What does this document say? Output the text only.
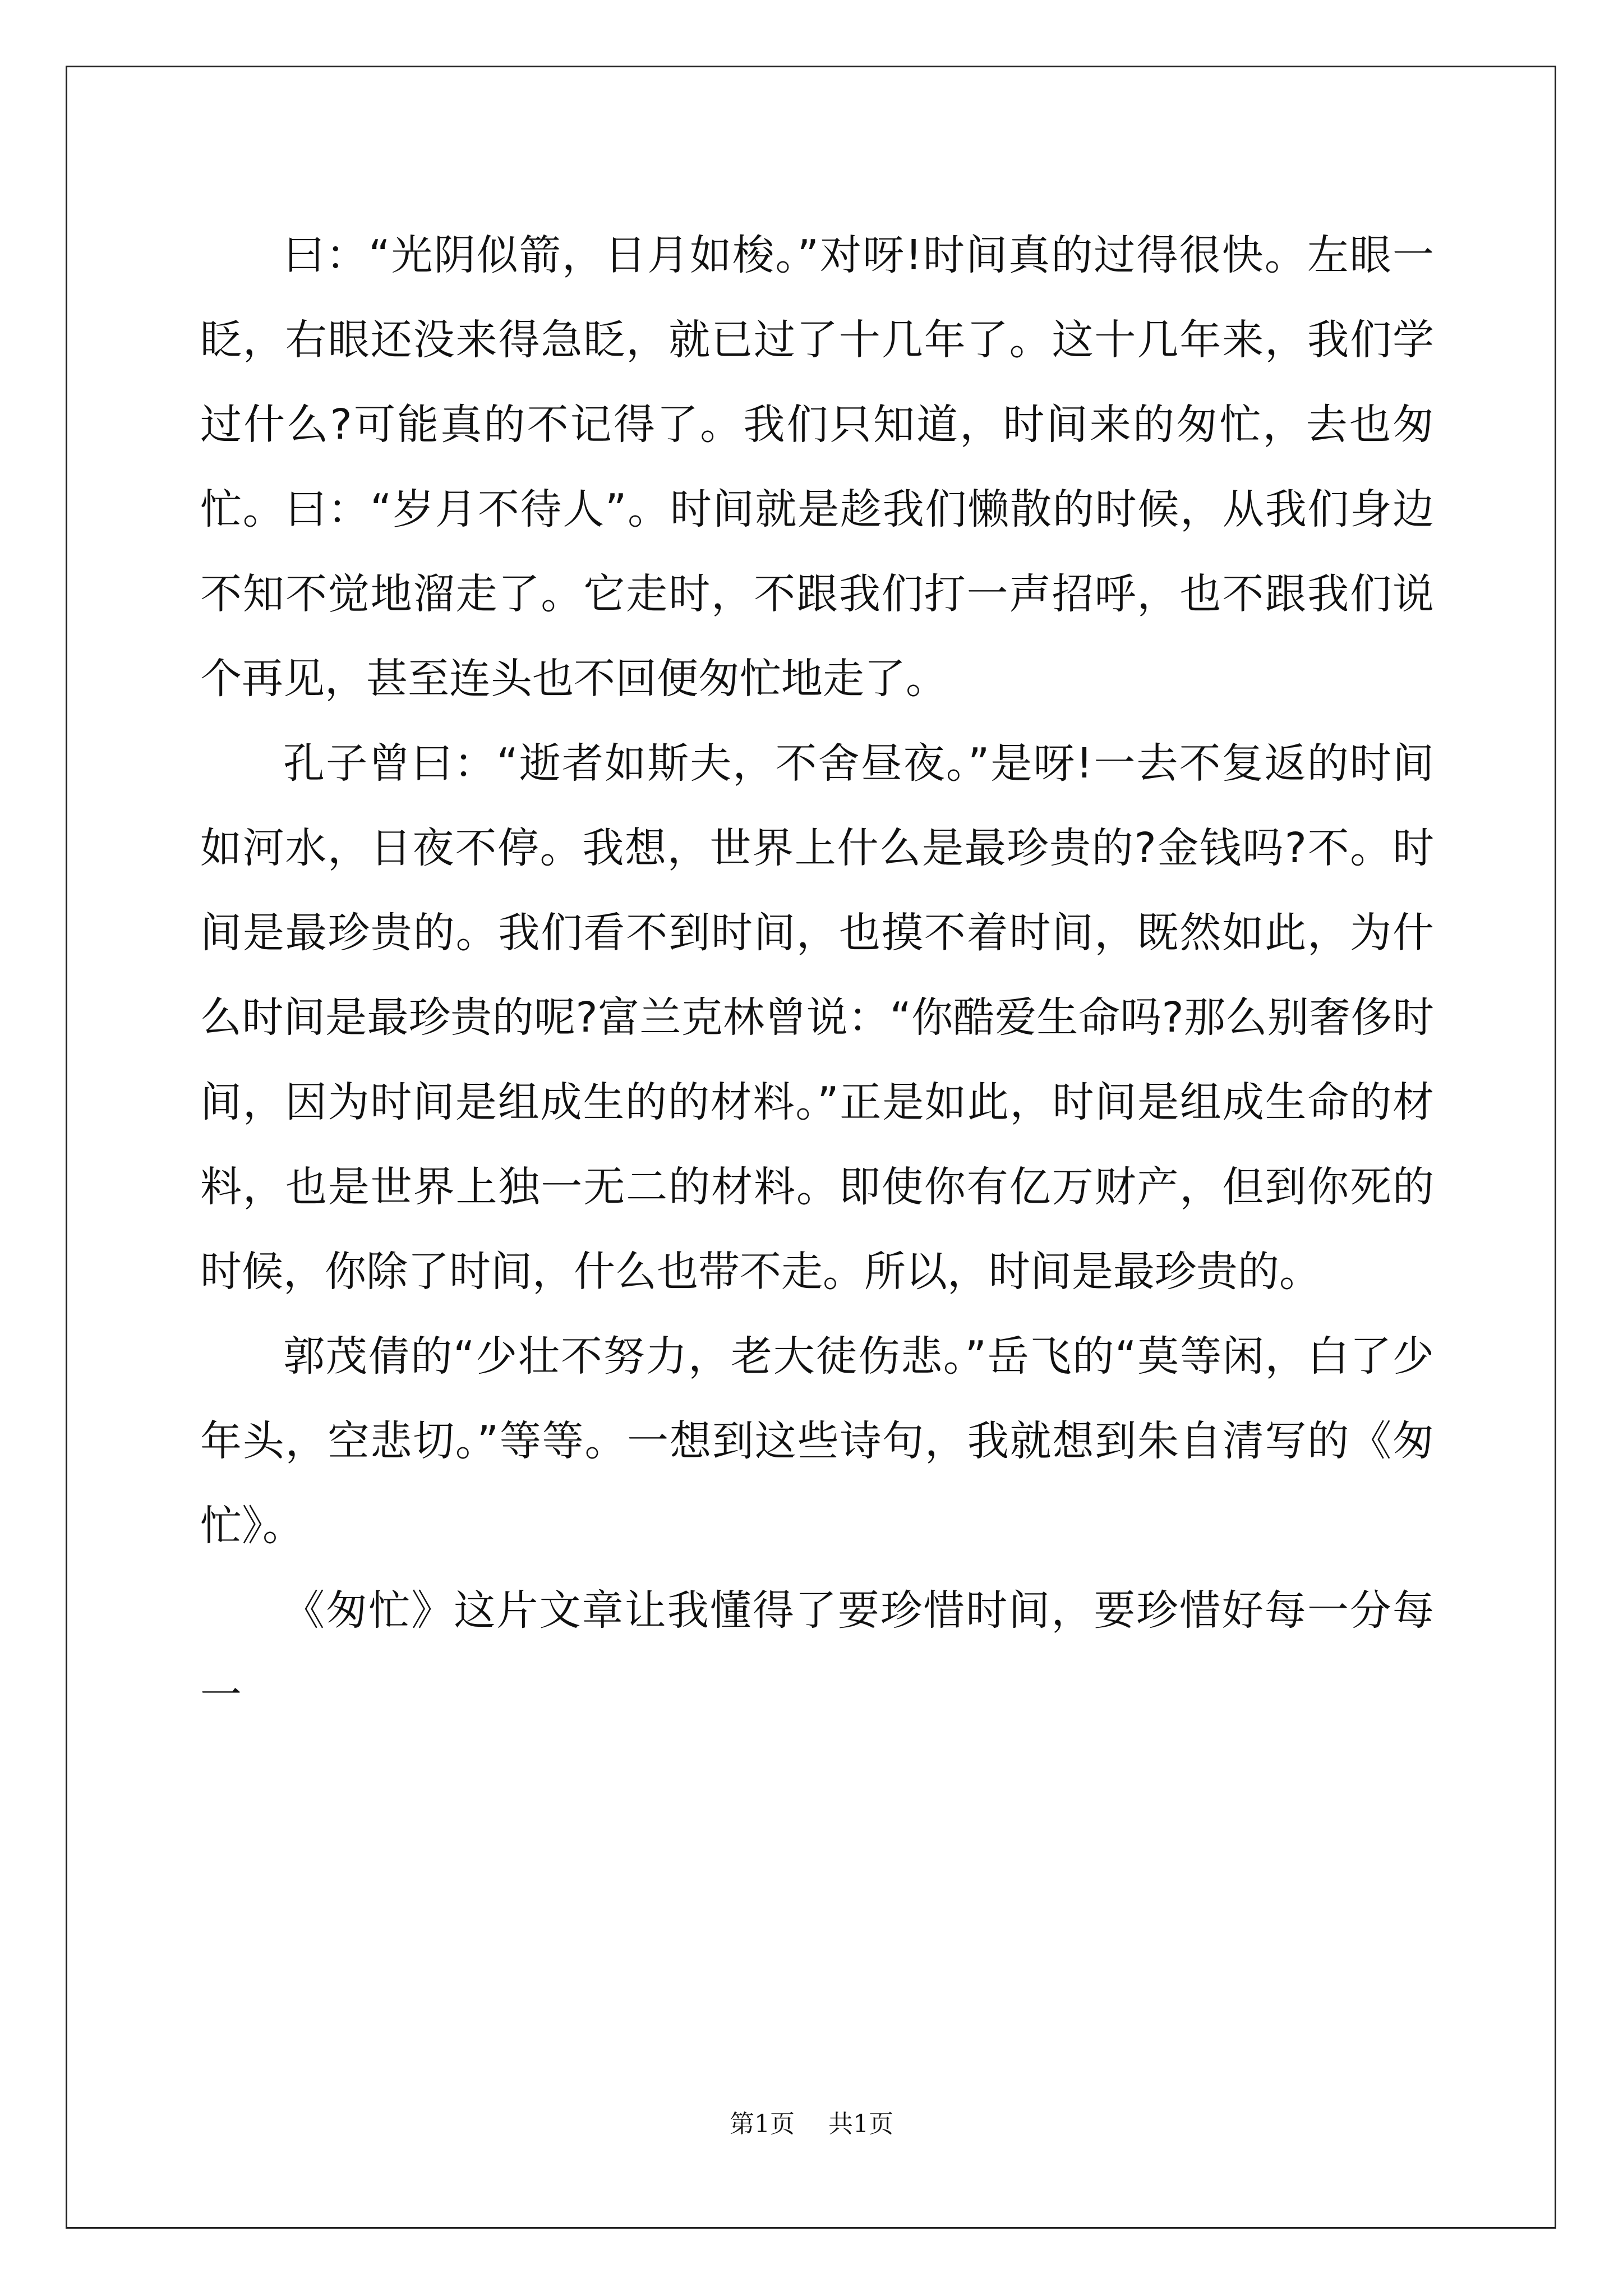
曰：“光阴似箭，日月如梭。”对呀!时间真的过得很快。左眼一眨，右眼还没来得急眨，就已过了十几年了。这十几年来，我们学过什么?可能真的不记得了。我们只知道，时间来的匆忙，去也匆忙。曰：“岁月不待人”。时间就是趁我们懒散的时候，从我们身边不知不觉地溜走了。它走时，不跟我们打一声招呼，也不跟我们说个再见，甚至连头也不回便匆忙地走了。

孔子曾曰：“逝者如斯夫，不舍昼夜。”是呀!一去不复返的时间如河水，日夜不停。我想，世界上什么是最珍贵的?金钱吗?不。时间是最珍贵的。我们看不到时间，也摸不着时间，既然如此，为什么时间是最珍贵的呢?富兰克林曾说：“你酷爱生命吗?那么别奢侈时间，因为时间是组成生的的材料。”正是如此，时间是组成生命的材料，也是世界上独一无二的材料。即使你有亿万财产，但到你死的时候，你除了时间，什么也带不走。所以，时间是最珍贵的。

郭茂倩的“少壮不努力，老大徒伤悲。”岳飞的“莫等闲，白了少年头，空悲切。”等等。一想到这些诗句，我就想到朱自清写的《匆忙》。

《匆忙》这片文章让我懂得了要珍惜时间，要珍惜好每一分每一

第1页 共1页
